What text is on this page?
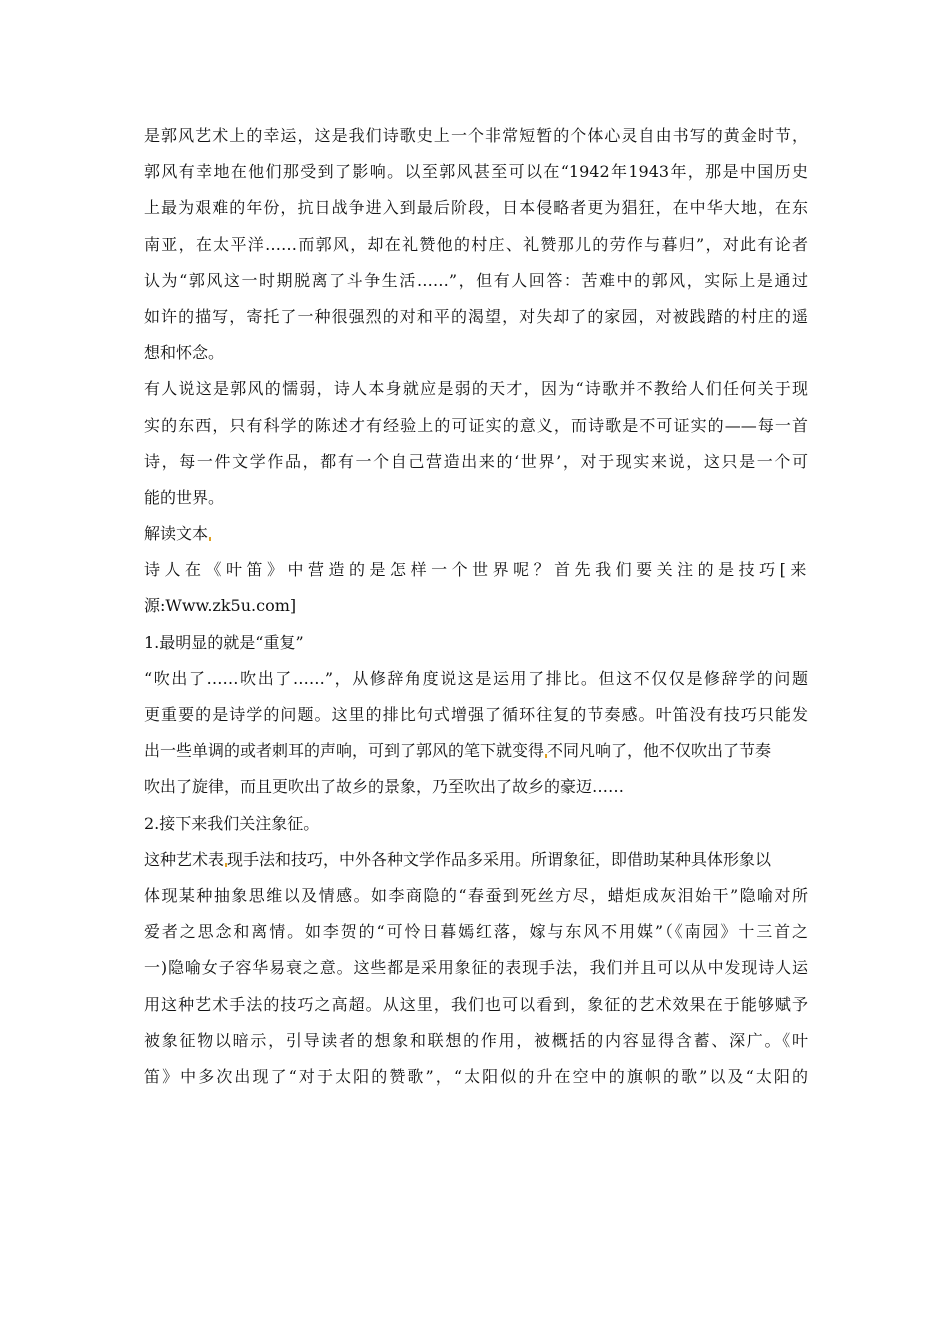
是郭风艺术上的幸运，这是我们诗歌史上一个非常短暂的个体心灵自由书写的黄金时节，
郭风有幸地在他们那受到了影响。以至郭风甚至可以在“1942年1943年，那是中国历史
上最为艰难的年份，抗日战争进入到最后阶段，日本侵略者更为猖狂，在中华大地，在东
南亚，在太平洋……而郭风，却在礼赞他的村庄、礼赞那儿的劳作与暮归”，对此有论者
认为“郭风这一时期脱离了斗争生活……”，但有人回答：苦难中的郭风，实际上是通过
如许的描写，寄托了一种很强烈的对和平的渴望，对失却了的家园，对被践踏的村庄的遥
想和怀念。
有人说这是郭风的懦弱，诗人本身就应是弱的天才，因为“诗歌并不教给人们任何关于现
实的东西，只有科学的陈述才有经验上的可证实的意义，而诗歌是不可证实的——每一首
诗，每一件文学作品，都有一个自己营造出来的‘世界’，对于现实来说，这只是一个可
能的世界。
解读文本
诗人在《叶笛》中营造的是怎样一个世界呢？首先我们要关注的是技巧[来
源:Www.zk5u.com]
1.最明显的就是“重复”
“吹出了……吹出了……”，从修辞角度说这是运用了排比。但这不仅仅是修辞学的问题
更重要的是诗学的问题。这里的排比句式增强了循环往复的节奏感。叶笛没有技巧只能发
出一些单调的或者刺耳的声响，可到了郭风的笔下就变得 不同凡响了，他不仅吹出了节奏
吹出了旋律，而且更吹出了故乡的景象，乃至吹出了故乡的豪迈……
2.接下来我们关注象征。
这种艺术表 现手法和技巧，中外各种文学作品多采用。所谓象征，即借助某种具体形象以
体现某种抽象思维以及情感。如李商隐的“春蚕到死丝方尽，蜡炬成灰泪始干”隐喻对所
爱者之思念和离情。如李贺的“可怜日暮嫣红落，嫁与东风不用媒”（《南园》十三首之
一)隐喻女子容华易衰之意。这些都是采用象征的表现手法，我们并且可以从中发现诗人运
用这种艺术手法的技巧之高超。从这里，我们也可以看到，象征的艺术效果在于能够赋予
被象征物以暗示，引导读者的想象和联想的作用，被概括的内容显得含蓄、深广。《叶
笛》中多次出现了“对于太阳的赞歌”，“太阳似的升在空中的旗帜的歌”以及“太阳的
